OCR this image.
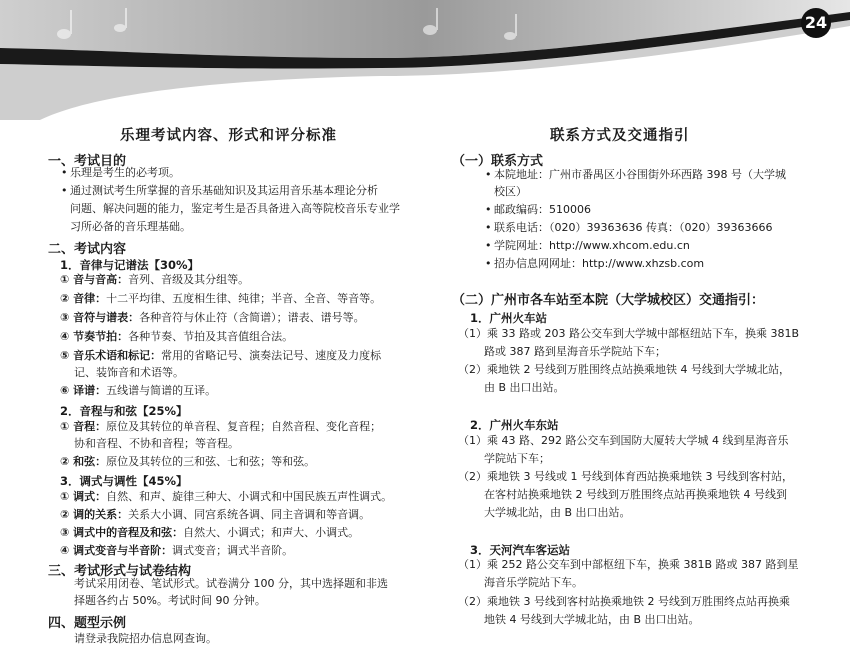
24
乐理考试内容、形式和评分标准
一、考试目的
• 乐理是考生的必考项。
• 通过测试考生所掌握的音乐基础知识及其运用音乐基本理论分析
问题、解决问题的能力，鉴定考生是否具备进入高等院校音乐专业学
习所必备的音乐理基础。
二、考试内容
1．音律与记谱法【30%】
① 音与音高：音列、音级及其分组等。
② 音律：十二平均律、五度相生律、纯律；半音、全音、等音等。
③ 音符与谱表：各种音符与休止符（含简谱）；谱表、谱号等。
④ 节奏节拍：各种节奏、节拍及其音值组合法。
⑤ 音乐术语和标记：常用的省略记号、演奏法记号、速度及力度标
记、装饰音和术语等。
⑥ 译谱：五线谱与简谱的互译。
2．音程与和弦【25%】
① 音程：原位及其转位的单音程、复音程；自然音程、变化音程；
协和音程、不协和音程；等音程。
② 和弦：原位及其转位的三和弦、七和弦；等和弦。
3．调式与调性【45%】
① 调式：自然、和声、旋律三种大、小调式和中国民族五声性调式。
② 调的关系：关系大小调、同宫系统各调、同主音调和等音调。
③ 调式中的音程及和弦：自然大、小调式；和声大、小调式。
④ 调式变音与半音阶：调式变音；调式半音阶。
三、考试形式与试卷结构
考试采用闭卷、笔试形式。试卷满分 100 分，其中选择题和非选
择题各约占 50%。考试时间 90 分钟。
四、题型示例
请登录我院招办信息网查询。
联系方式及交通指引
（一）联系方式
• 本院地址：广州市番禺区小谷围街外环西路 398 号（大学城
校区）
• 邮政编码：510006
• 联系电话：（020）39363636 传真：（020）39363666
• 学院网址：http://www.xhcom.edu.cn
• 招办信息网网址：http://www.xhzsb.com
（二）广州市各车站至本院（大学城校区）交通指引：
1．广州火车站
（1）乘 33 路或 203 路公交车到大学城中部枢纽站下车，换乘 381B
路或 387 路到星海音乐学院站下车；
（2）乘地铁 2 号线到万胜围终点站换乘地铁 4 号线到大学城北站，
由 B 出口出站。
2．广州火车东站
（1）乘 43 路、292 路公交车到国防大厦转大学城 4 线到星海音乐
学院站下车；
（2）乘地铁 3 号线或 1 号线到体育西站换乘地铁 3 号线到客村站，
在客村站换乘地铁 2 号线到万胜围终点站再换乘地铁 4 号线到
大学城北站，由 B 出口出站。
3．天河汽车客运站
（1）乘 252 路公交车到中部枢纽下车，换乘 381B 路或 387 路到星
海音乐学院站下车。
（2）乘地铁 3 号线到客村站换乘地铁 2 号线到万胜围终点站再换乘
地铁 4 号线到大学城北站，由 B 出口出站。
